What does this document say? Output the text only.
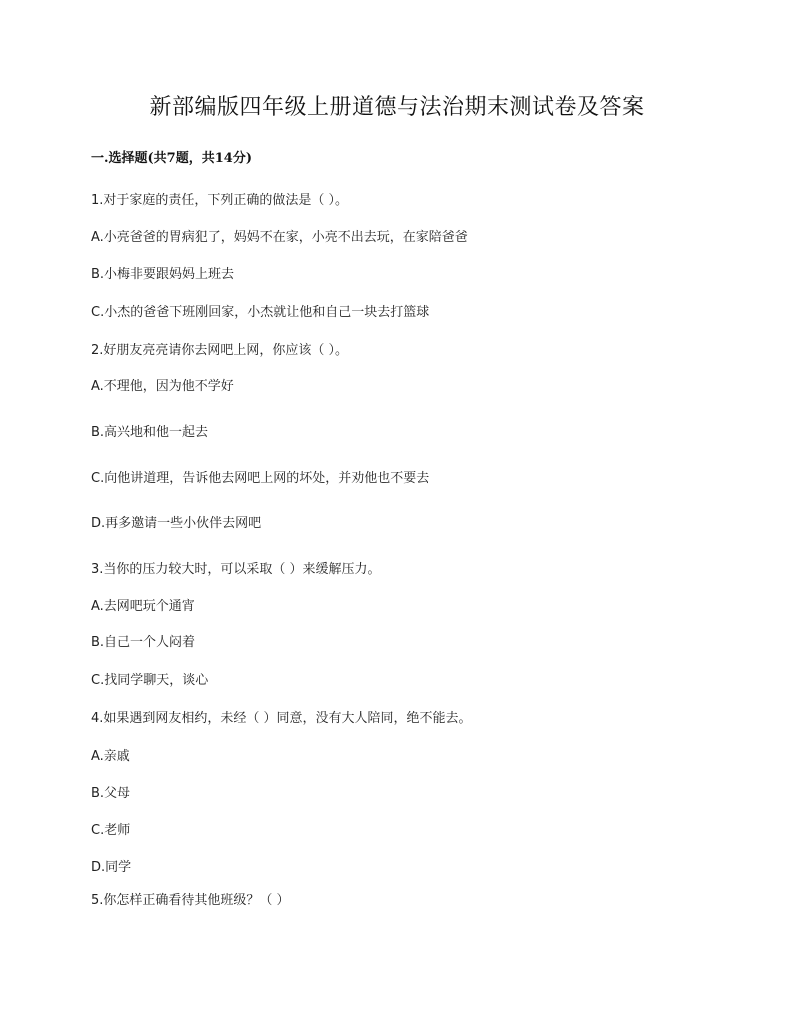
新部编版四年级上册道德与法治期末测试卷及答案
一.选择题(共7题，共14分)
1.对于家庭的责任，下列正确的做法是（ ）。
A.小亮爸爸的胃病犯了，妈妈不在家，小亮不出去玩，在家陪爸爸
B.小梅非要跟妈妈上班去
C.小杰的爸爸下班刚回家，小杰就让他和自己一块去打篮球
2.好朋友亮亮请你去网吧上网，你应该（ ）。
A.不理他，因为他不学好
B.高兴地和他一起去
C.向他讲道理，告诉他去网吧上网的坏处，并劝他也不要去
D.再多邀请一些小伙伴去网吧
3.当你的压力较大时，可以采取（ ）来缓解压力。
A.去网吧玩个通宵
B.自己一个人闷着
C.找同学聊天，谈心
4.如果遇到网友相约，未经（ ）同意，没有大人陪同，绝不能去。
A.亲戚
B.父母
C.老师
D.同学
5.你怎样正确看待其他班级？（ ）
